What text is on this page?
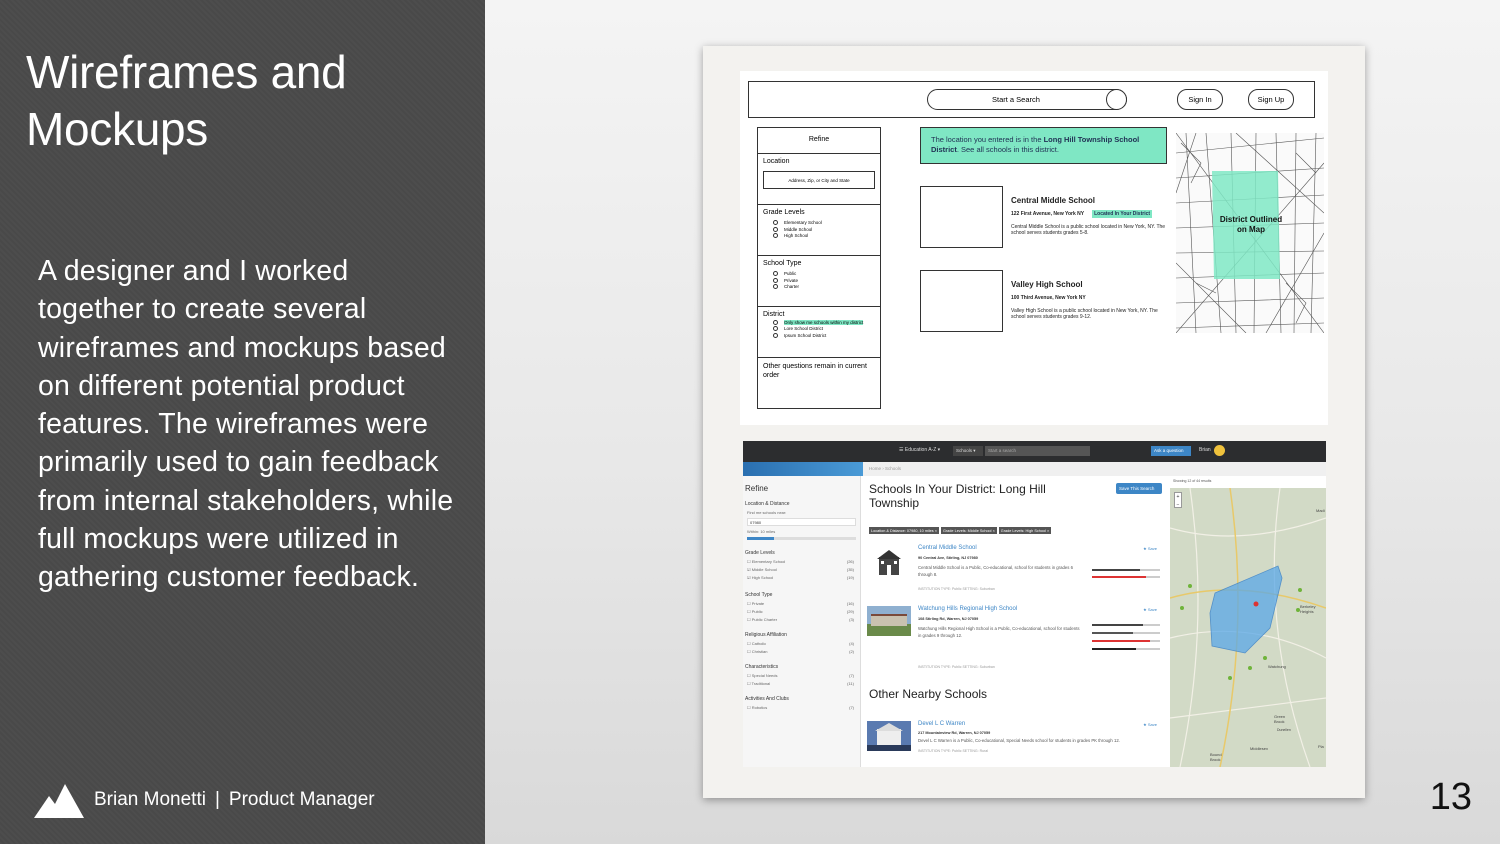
Wireframes and Mockups

A designer and I worked together to create several wireframes and mockups based on different potential product features. The wireframes were primarily used to gain feedback from internal stakeholders, while full mockups were utilized in gathering customer feedback.

Brian Monetti | Product Manager	13
Start a Search	Sign In	Sign Up
Refine
Location
Address, Zip, or City and State
Grade Levels
Elementary School
Middle School
High School
School Type
Public
Private
Charter
District
Only show me schools within my district
Lore School District
Ipsum School District
Other questions remain in current order
The location you entered is in the Long Hill Township School District. See all schools in this district.
Central Middle School
122 First Avenue, New York NY Located In Your District
Central Middle School is a public school located in New York, NY. The school serves students grades 5-8.
Valley High School
100 Third Avenue, New York NY
Valley High School is a public school located in New York, NY. The school serves students grades 9-12.
District Outlined on Map
☰ Education A-Z ▾	Schools ▾	Start a search	Ask a question	Brian
Home › Schools
Refine
Location & Distance
Find me schools near:
07980
Within: 10 miles
Grade Levels
☐ Elementary School	(26)
☑ Middle School	(35)
☑ High School	(19)
School Type
☐ Private	(16)
☐ Public	(29)
☐ Public Charter	(3)
Religious Affiliation
☐ Catholic	(4)
☐ Christian	(2)
Characteristics
☐ Special Needs	(7)
☐ Traditional	(11)
Activities And Clubs
☐ Robotics	(7)
Schools In Your District: Long Hill Township
Save This Search
Location & Distance: 07980, 10 miles × Grade Levels: Middle School × Grade Levels: High School ×
Central Middle School
90 Central Ave, Stirling, NJ 07980
Central Middle School is a Public, Co-educational, school for students in grades 6 through 8.
INSTITUTION TYPE: Public SETTING: Suburban
★ Save
Watchung Hills Regional High School
108 Stirling Rd, Warren, NJ 07059
Watchung Hills Regional High School is a Public, Co-educational, school for students in grades 9 through 12.
INSTITUTION TYPE: Public SETTING: Suburban
★ Save
Other Nearby Schools
Devel L C Warren
217 Mountainview Rd, Warren, NJ 07059
Devel L C Warren is a Public, Co-educational, Special Needs school for students in grades PK through 12.
INSTITUTION TYPE: Public SETTING: Rural
★ Save
Showing 12 of 44 results
+
−
Madi
Berkeley Heights
Watchung
Green Brook
Dunellen
Middlesex
Bound Brook
Pla
